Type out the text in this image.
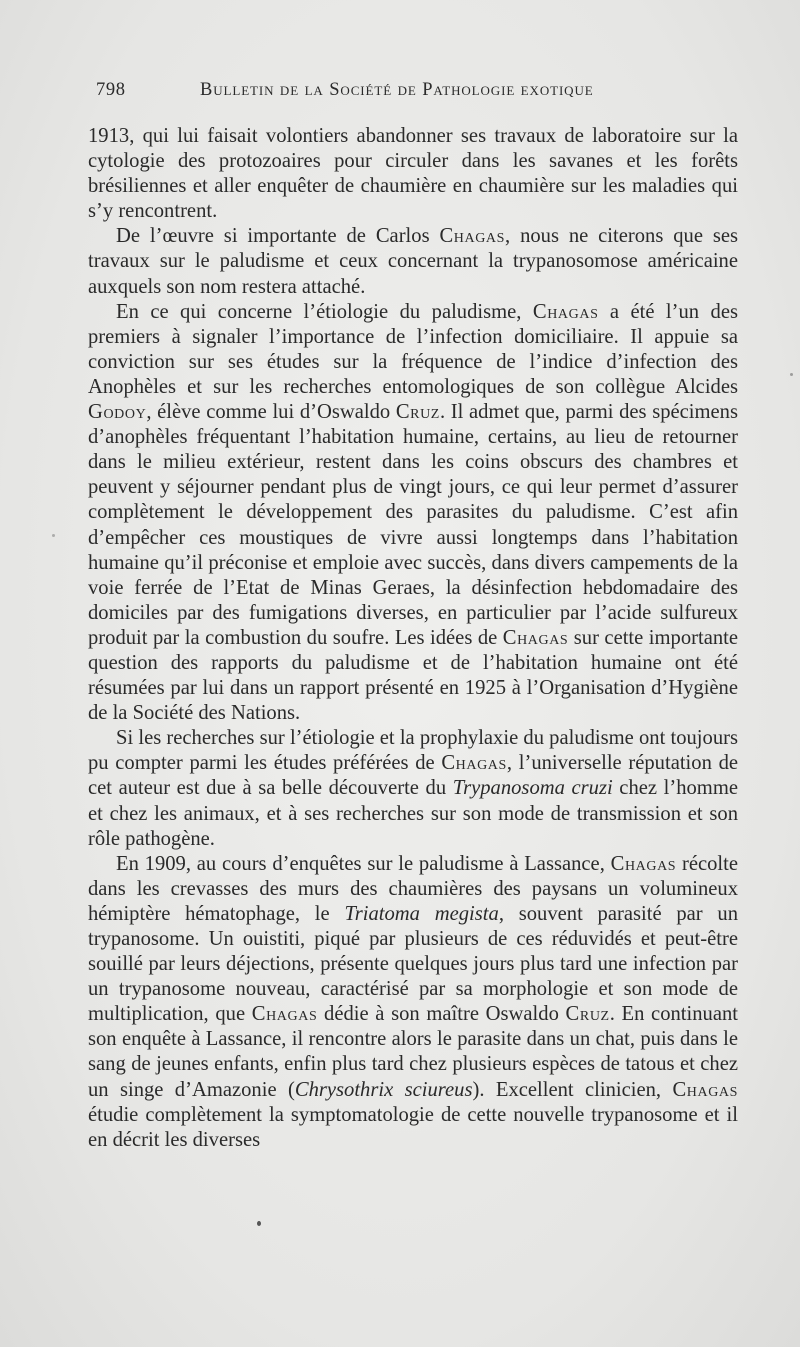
798	Bulletin de la Société de Pathologie exotique

1913, qui lui faisait volontiers abandonner ses travaux de laboratoire sur la cytologie des protozoaires pour circuler dans les savanes et les forêts brésiliennes et aller enquêter de chaumière en chaumière sur les maladies qui s’y rencontrent.

De l’œuvre si importante de Carlos Chagas, nous ne citerons que ses travaux sur le paludisme et ceux concernant la trypanosomose américaine auxquels son nom restera attaché.

En ce qui concerne l’étiologie du paludisme, Chagas a été l’un des premiers à signaler l’importance de l’infection domiciliaire. Il appuie sa conviction sur ses études sur la fréquence de l’indice d’infection des Anophèles et sur les recherches entomologiques de son collègue Alcides Godoy, élève comme lui d’Oswaldo Cruz. Il admet que, parmi des spécimens d’anophèles fréquentant l’habitation humaine, certains, au lieu de retourner dans le milieu extérieur, restent dans les coins obscurs des chambres et peuvent y séjourner pendant plus de vingt jours, ce qui leur permet d’assurer complètement le développement des parasites du paludisme. C’est afin d’empêcher ces moustiques de vivre aussi longtemps dans l’habitation humaine qu’il préconise et emploie avec succès, dans divers campements de la voie ferrée de l’Etat de Minas Geraes, la désinfection hebdomadaire des domiciles par des fumigations diverses, en particulier par l’acide sulfureux produit par la combustion du soufre. Les idées de Chagas sur cette importante question des rapports du paludisme et de l’habitation humaine ont été résumées par lui dans un rapport présenté en 1925 à l’Organisation d’Hygiène de la Société des Nations.

Si les recherches sur l’étiologie et la prophylaxie du paludisme ont toujours pu compter parmi les études préférées de Chagas, l’universelle réputation de cet auteur est due à sa belle découverte du Trypanosoma cruzi chez l’homme et chez les animaux, et à ses recherches sur son mode de transmission et son rôle pathogène.

En 1909, au cours d’enquêtes sur le paludisme à Lassance, Chagas récolte dans les crevasses des murs des chaumières des paysans un volumineux hémiptère hématophage, le Triatoma megista, souvent parasité par un trypanosome. Un ouistiti, piqué par plusieurs de ces réduvidés et peut-être souillé par leurs déjections, présente quelques jours plus tard une infection par un trypanosome nouveau, caractérisé par sa morphologie et son mode de multiplication, que Chagas dédie à son maître Oswaldo Cruz. En continuant son enquête à Lassance, il rencontre alors le parasite dans un chat, puis dans le sang de jeunes enfants, enfin plus tard chez plusieurs espèces de tatous et chez un singe d’Amazonie (Chrysothrix sciureus). Excellent clinicien, Chagas étudie complètement la symptomatologie de cette nouvelle trypanosome et il en décrit les diverses
